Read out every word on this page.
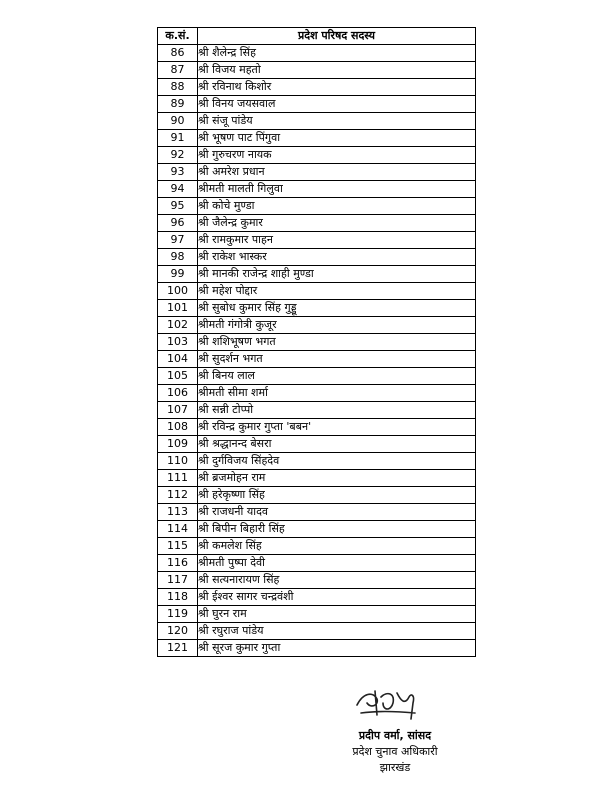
क.सं.	प्रदेश परिषद सदस्य
86	श्री शैलेन्द्र सिंह
87	श्री विजय महतो
88	श्री रविनाथ किशोर
89	श्री विनय जयसवाल
90	श्री संजू पांडेय
91	श्री भूषण पाट पिंगुवा
92	श्री गुरुचरण नायक
93	श्री अमरेश प्रधान
94	श्रीमती मालती गिलुवा
95	श्री कोचे मुण्डा
96	श्री जैलेन्द्र कुमार
97	श्री रामकुमार पाहन
98	श्री राकेश भास्कर
99	श्री मानकी राजेन्द्र शाही मुण्डा
100	श्री महेश पोद्दार
101	श्री सुबोध कुमार सिंह गुड्डू
102	श्रीमती गंगोत्री कुजूर
103	श्री शशिभूषण भगत
104	श्री सुदर्शन भगत
105	श्री बिनय लाल
106	श्रीमती सीमा शर्मा
107	श्री सन्नी टोप्पो
108	श्री रविन्द्र कुमार गुप्ता 'बबन'
109	श्री श्रद्धानन्द बेसरा
110	श्री दुर्गविजय सिंहदेव
111	श्री ब्रजमोहन राम
112	श्री हरेकृष्णा सिंह
113	श्री राजधनी यादव
114	श्री बिपीन बिहारी सिंह
115	श्री कमलेश सिंह
116	श्रीमती पुष्पा देवी
117	श्री सत्यनारायण सिंह
118	श्री ईश्वर सागर चन्द्रवंशी
119	श्री घुरन राम
120	श्री रघुराज पांडेय
121	श्री सूरज कुमार गुप्ता
प्रदीप वर्मा, सांसद
प्रदेश चुनाव अधिकारी
झारखंड
